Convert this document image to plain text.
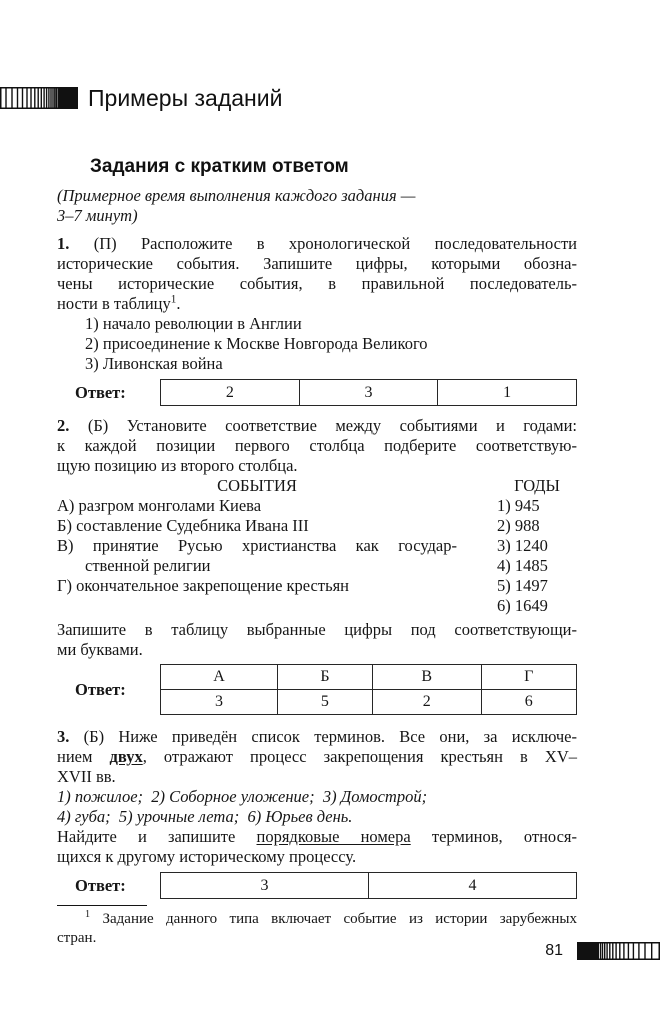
Примеры заданий
Задания с кратким ответом
(Примерное время выполнения каждого задания —
3–7 минут)
1. (П) Расположите в хронологической последовательности
исторические события. Запишите цифры, которыми обозна-
чены исторические события, в правильной последователь-
ности в таблицу$^1$.
1) начало революции в Англии
2) присоединение к Москве Новгорода Великого
3) Ливонская война
Ответ:	2	3	1
2. (Б) Установите соответствие между событиями и годами:
к каждой позиции первого столбца подберите соответствую-
щую позицию из второго столбца.
СОБЫТИЯ	ГОДЫ
А) разгром монголами Киева
Б) составление Судебника Ивана III
В) принятие Русью христианства как государ-
ственной религии
Г) окончательное закрепощение крестьян
1) 945
2) 988
3) 1240
4) 1485
5) 1497
6) 1649
Запишите в таблицу выбранные цифры под соответствующи-
ми буквами.
Ответ:
А	Б	В	Г
3	5	2	6
3. (Б) Ниже приведён список терминов. Все они, за исключе-
нием двух, отражают процесс закрепощения крестьян в XV–
XVII вв.
1) пожилое;  2) Соборное уложение;  3) Домострой;
4) губа;  5) урочные лета;  6) Юрьев день.
Найдите и запишите порядковые номера терминов, относя-
щихся к другому историческому процессу.
Ответ:	3	4
$^1$ Задание данного типа включает событие из истории зарубежных
стран.
81
